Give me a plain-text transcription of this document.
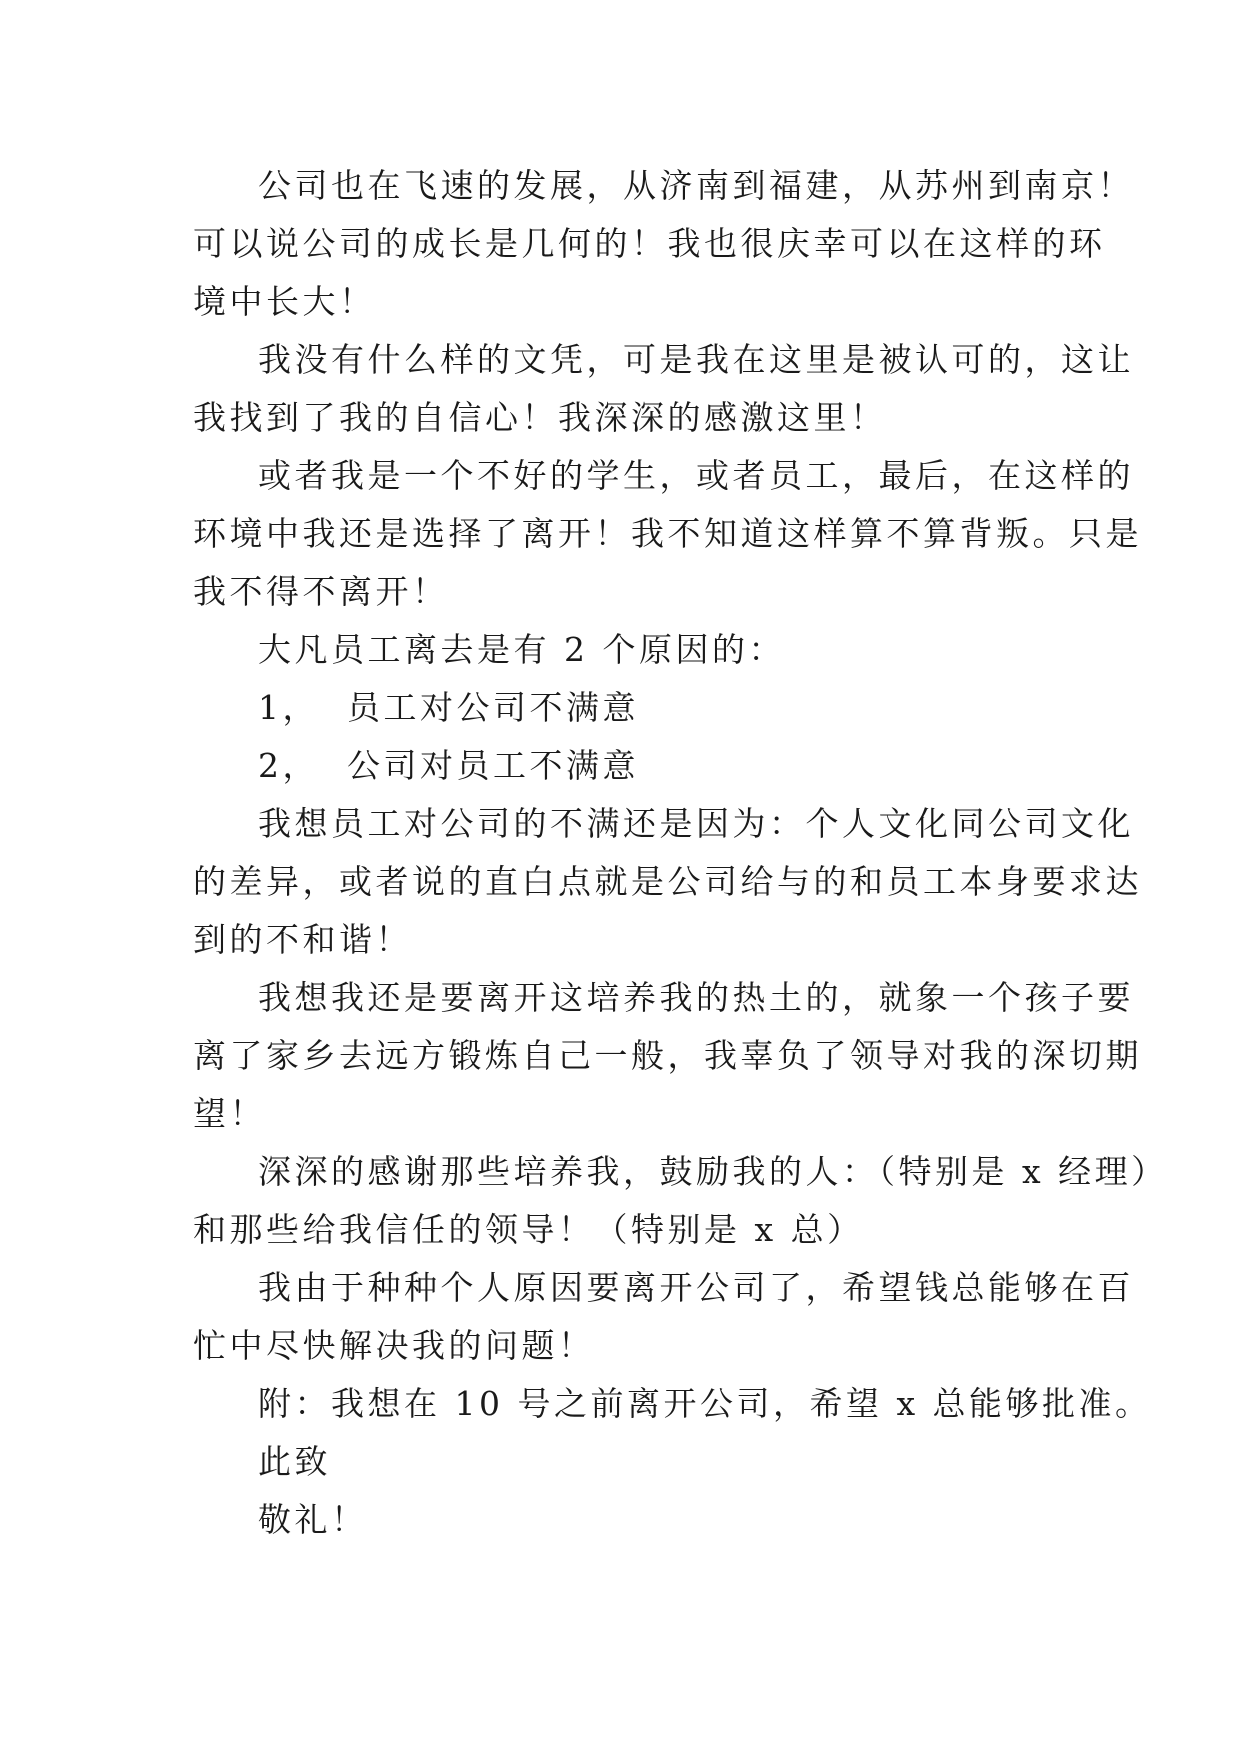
公司也在飞速的发展，从济南到福建，从苏州到南京！
可以说公司的成长是几何的！我也很庆幸可以在这样的环
境中长大！
我没有什么样的文凭，可是我在这里是被认可的，这让
我找到了我的自信心！我深深的感激这里！
或者我是一个不好的学生，或者员工，最后，在这样的
环境中我还是选择了离开！我不知道这样算不算背叛。只是
我不得不离开！
大凡员工离去是有 2 个原因的：
1，  员工对公司不满意
2，  公司对员工不满意
我想员工对公司的不满还是因为：个人文化同公司文化
的差异，或者说的直白点就是公司给与的和员工本身要求达
到的不和谐！
我想我还是要离开这培养我的热土的，就象一个孩子要
离了家乡去远方锻炼自己一般，我辜负了领导对我的深切期
望！
深深的感谢那些培养我，鼓励我的人：（特别是 x 经理）
和那些给我信任的领导！（特别是 x 总）
我由于种种个人原因要离开公司了，希望钱总能够在百
忙中尽快解决我的问题！
附：我想在 10 号之前离开公司，希望 x 总能够批准。
此致
敬礼！
